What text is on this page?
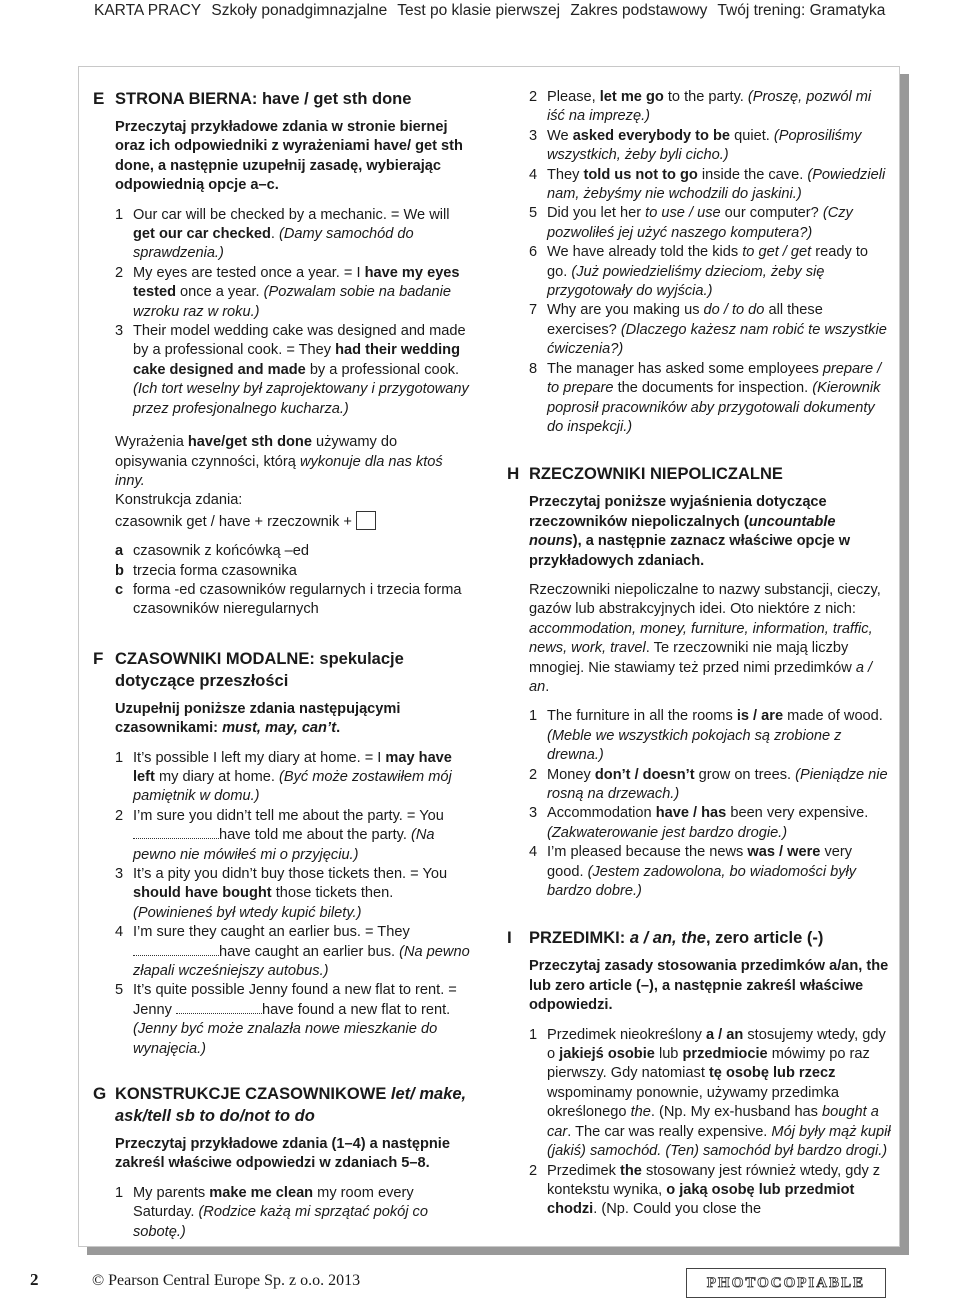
KARTA PRACY Szkoły ponadgimnazjalne Test po klasie pierwszej Zakres podstawowy Twój trening: Gramatyka
E STRONA BIERNA: have / get sth done
Przeczytaj przykładowe zdania w stronie biernej oraz ich odpowiedniki z wyrażeniami have/ get sth done, a następnie uzupełnij zasadę, wybierając odpowiednią opcje a–c.
1 Our car will be checked by a mechanic. = We will get our car checked. (Damy samochód do sprawdzenia.)
2 My eyes are tested once a year. = I have my eyes tested once a year. (Pozwalam sobie na badanie wzroku raz w roku.)
3 Their model wedding cake was designed and made by a professional cook. = They had their wedding cake designed and made by a professional cook. (Ich tort weselny był zaprojektowany i przygotowany przez profesjonalnego kucharza.)
Wyrażenia have/get sth done używamy do opisywania czynności, którą wykonuje dla nas ktoś inny.
Konstrukcja zdania:
czasownik get / have + rzeczownik +
a czasownik z końcówką –ed
b trzecia forma czasownika
c forma -ed czasowników regularnych i trzecia forma czasowników nieregularnych
F CZASOWNIKI MODALNE: spekulacje dotyczące przeszłości
Uzupełnij poniższe zdania następującymi czasownikami: must, may, can’t.
1 It’s possible I left my diary at home. = I may have left my diary at home. (Być może zostawiłem mój pamiętnik w domu.)
2 I’m sure you didn’t tell me about the party. = You have told me about the party. (Na pewno nie mówiłeś mi o przyjęciu.)
3 It’s a pity you didn’t buy those tickets then. = You should have bought those tickets then. (Powinieneś był wtedy kupić bilety.)
4 I’m sure they caught an earlier bus. = They have caught an earlier bus. (Na pewno złapali wcześniejszy autobus.)
5 It’s quite possible Jenny found a new flat to rent. = Jenny	have found a new flat to rent. (Jenny być może znalazła nowe mieszkanie do wynajęcia.)
G KONSTRUKCJE CZASOWNIKOWE let/ make, ask/tell sb to do/not to do
Przeczytaj przykładowe zdania (1–4) a następnie zakreśl właściwe odpowiedzi w zdaniach 5–8.
1 My parents make me clean my room every Saturday. (Rodzice każą mi sprzątać pokój co sobotę.)
2 Please, let me go to the party. (Proszę, pozwól mi iść na imprezę.)
3 We asked everybody to be quiet. (Poprosiliśmy wszystkich, żeby byli cicho.)
4 They told us not to go inside the cave. (Powiedzieli nam, żebyśmy nie wchodzili do jaskini.)
5 Did you let her to use / use our computer? (Czy pozwoliłeś jej użyć naszego komputera?)
6 We have already told the kids to get / get ready to go. (Już powiedzieliśmy dzieciom, żeby się przygotowały do wyjścia.)
7 Why are you making us do / to do all these exercises? (Dlaczego każesz nam robić te wszystkie ćwiczenia?)
8 The manager has asked some employees prepare / to prepare the documents for inspection. (Kierownik poprosił pracowników aby przygotowali dokumenty do inspekcji.)
H RZECZOWNIKI NIEPOLICZALNE
Przeczytaj poniższe wyjaśnienia dotyczące rzeczowników niepoliczalnych (uncountable nouns), a następnie zaznacz właściwe opcje w przykładowych zdaniach.
Rzeczowniki niepoliczalne to nazwy substancji, cieczy, gazów lub abstrakcyjnych idei. Oto niektóre z nich: accommodation, money, furniture, information, traffic, news, work, travel. Te rzeczowniki nie mają liczby mnogiej. Nie stawiamy też przed nimi przedimków a / an.
1 The furniture in all the rooms is / are made of wood. (Meble we wszystkich pokojach są zrobione z drewna.)
2 Money don’t / doesn’t grow on trees. (Pieniądze nie rosną na drzewach.)
3 Accommodation have / has been very expensive. (Zakwaterowanie jest bardzo drogie.)
4 I’m pleased because the news was / were very good. (Jestem zadowolona, bo wiadomości były bardzo dobre.)
I PRZEDIMKI: a / an, the, zero article (-)
Przeczytaj zasady stosowania przedimków a/an, the lub zero article (–), a następnie zakreśl właściwe odpowiedzi.
1 Przedimek nieokreślony a / an stosujemy wtedy, gdy o jakiejś osobie lub przedmiocie mówimy po raz pierwszy. Gdy natomiast tę osobę lub rzecz wspominamy ponownie, używamy przedimka określonego the. (Np. My ex-husband has bought a car. The car was really expensive. Mój były mąż kupił (jakiś) samochód. (Ten) samochód był bardzo drogi.)
2 Przedimek the stosowany jest również wtedy, gdy z kontekstu wynika, o jaką osobę lub przedmiot chodzi. (Np. Could you close the
2	© Pearson Central Europe Sp. z o.o. 2013	PHOTOCOPIABLE
